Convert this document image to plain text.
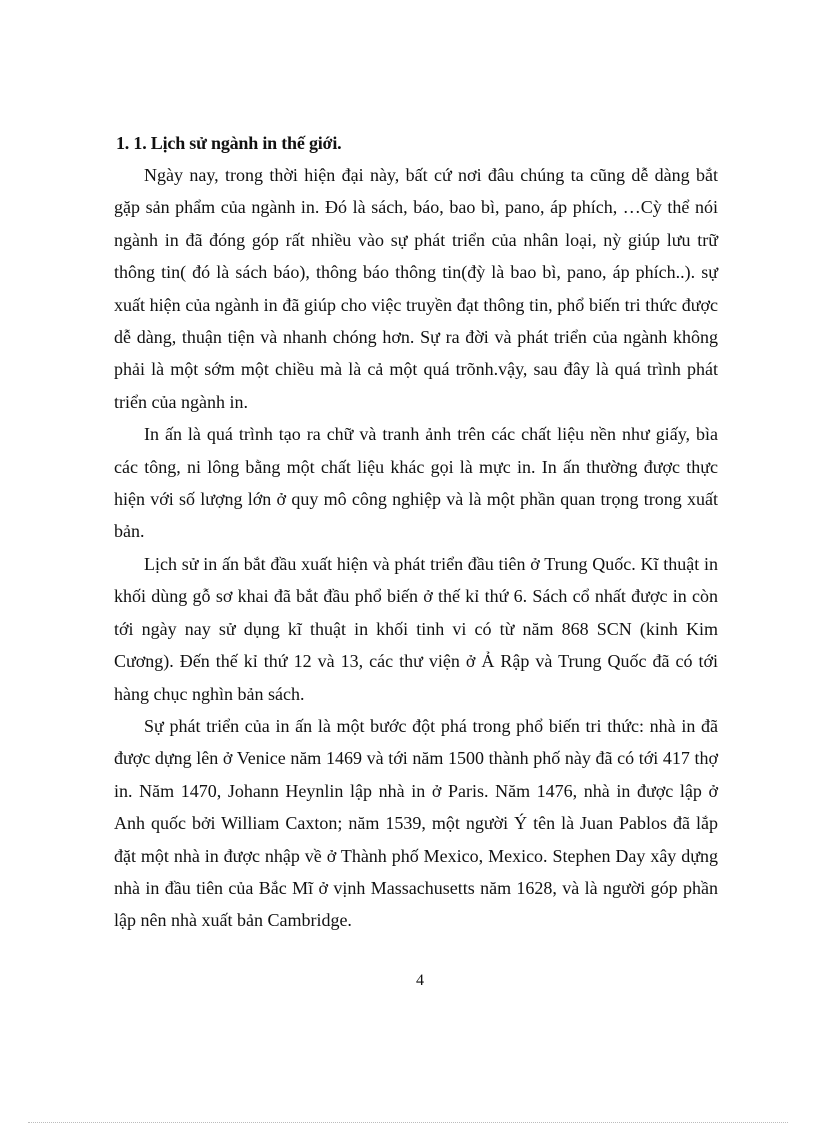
1. 1. Lịch sử ngành in thế giới.

Ngày nay, trong thời hiện đại này, bất cứ nơi đâu chúng ta cũng dễ dàng bắt gặp sản phẩm của ngành in. Đó là sách, báo, bao bì, pano, áp phích, …Cỳ thể nói ngành in đã đóng góp rất nhiều vào sự phát triển của nhân loại, nỳ giúp lưu trữ thông tin( đó là sách báo), thông báo thông tin(đỳ là bao bì, pano, áp phích..). sự xuất hiện của ngành in đã giúp cho việc truyền đạt thông tin, phổ biến tri thức được dễ dàng, thuận tiện và nhanh chóng hơn. Sự ra đời và phát triển của ngành không phải là một sớm một chiều mà là cả một quá trõnh.vậy, sau đây là quá trình phát triển của ngành in.

In ấn là quá trình tạo ra chữ và tranh ảnh trên các chất liệu nền như giấy, bìa các tông, ni lông bằng một chất liệu khác gọi là mực in. In ấn thường được thực hiện với số lượng lớn ở quy mô công nghiệp và là một phần quan trọng trong xuất bản.

Lịch sử in ấn bắt đầu xuất hiện và phát triển đầu tiên ở Trung Quốc. Kĩ thuật in khối dùng gỗ sơ khai đã bắt đầu phổ biến ở thế kỉ thứ 6. Sách cổ nhất được in còn tới ngày nay sử dụng kĩ thuật in khối tinh vi có từ năm 868 SCN (kinh Kim Cương). Đến thế kỉ thứ 12 và 13, các thư viện ở Ả Rập và Trung Quốc đã có tới hàng chục nghìn bản sách.

Sự phát triển của in ấn là một bước đột phá trong phổ biến tri thức: nhà in đã được dựng lên ở Venice năm 1469 và tới năm 1500 thành phố này đã có tới 417 thợ in. Năm 1470, Johann Heynlin lập nhà in ở Paris. Năm 1476, nhà in được lập ở Anh quốc bởi William Caxton; năm 1539, một người Ý tên là Juan Pablos đã lắp đặt một nhà in được nhập về ở Thành phố Mexico, Mexico. Stephen Day xây dựng nhà in đầu tiên của Bắc Mĩ ở vịnh Massachusetts năm 1628, và là người góp phần lập nên nhà xuất bản Cambridge.

4
